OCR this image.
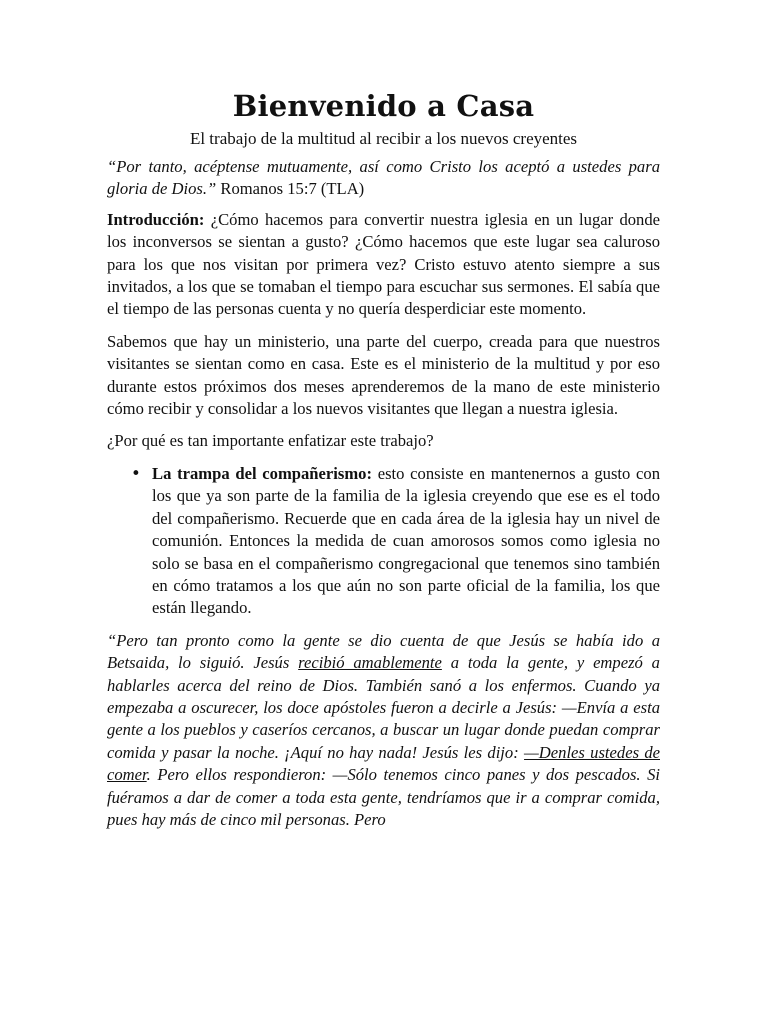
Bienvenido a Casa
El trabajo de la multitud al recibir a los nuevos creyentes

“Por tanto, acéptense mutuamente, así como Cristo los aceptó a ustedes para gloria de Dios.” Romanos 15:7 (TLA)

Introducción: ¿Cómo hacemos para convertir nuestra iglesia en un lugar donde los inconversos se sientan a gusto? ¿Cómo hacemos que este lugar sea caluroso para los que nos visitan por primera vez? Cristo estuvo atento siempre a sus invitados, a los que se tomaban el tiempo para escuchar sus sermones. El sabía que el tiempo de las personas cuenta y no quería desperdiciar este momento.

Sabemos que hay un ministerio, una parte del cuerpo, creada para que nuestros visitantes se sientan como en casa. Este es el ministerio de la multitud y por eso durante estos próximos dos meses aprenderemos de la mano de este ministerio cómo recibir y consolidar a los nuevos visitantes que llegan a nuestra iglesia.

¿Por qué es tan importante enfatizar este trabajo?

• La trampa del compañerismo: esto consiste en mantenernos a gusto con los que ya son parte de la familia de la iglesia creyendo que ese es el todo del compañerismo. Recuerde que en cada área de la iglesia hay un nivel de comunión. Entonces la medida de cuan amorosos somos como iglesia no solo se basa en el compañerismo congregacional que tenemos sino también en cómo tratamos a los que aún no son parte oficial de la familia, los que están llegando.

“Pero tan pronto como la gente se dio cuenta de que Jesús se había ido a Betsaida, lo siguió. Jesús recibió amablemente a toda la gente, y empezó a hablarles acerca del reino de Dios. También sanó a los enfermos. Cuando ya empezaba a oscurecer, los doce apóstoles fueron a decirle a Jesús: —Envía a esta gente a los pueblos y caseríos cercanos, a buscar un lugar donde puedan comprar comida y pasar la noche. ¡Aquí no hay nada! Jesús les dijo: —Denles ustedes de comer. Pero ellos respondieron: —Sólo tenemos cinco panes y dos pescados. Si fuéramos a dar de comer a toda esta gente, tendríamos que ir a comprar comida, pues hay más de cinco mil personas. Pero
